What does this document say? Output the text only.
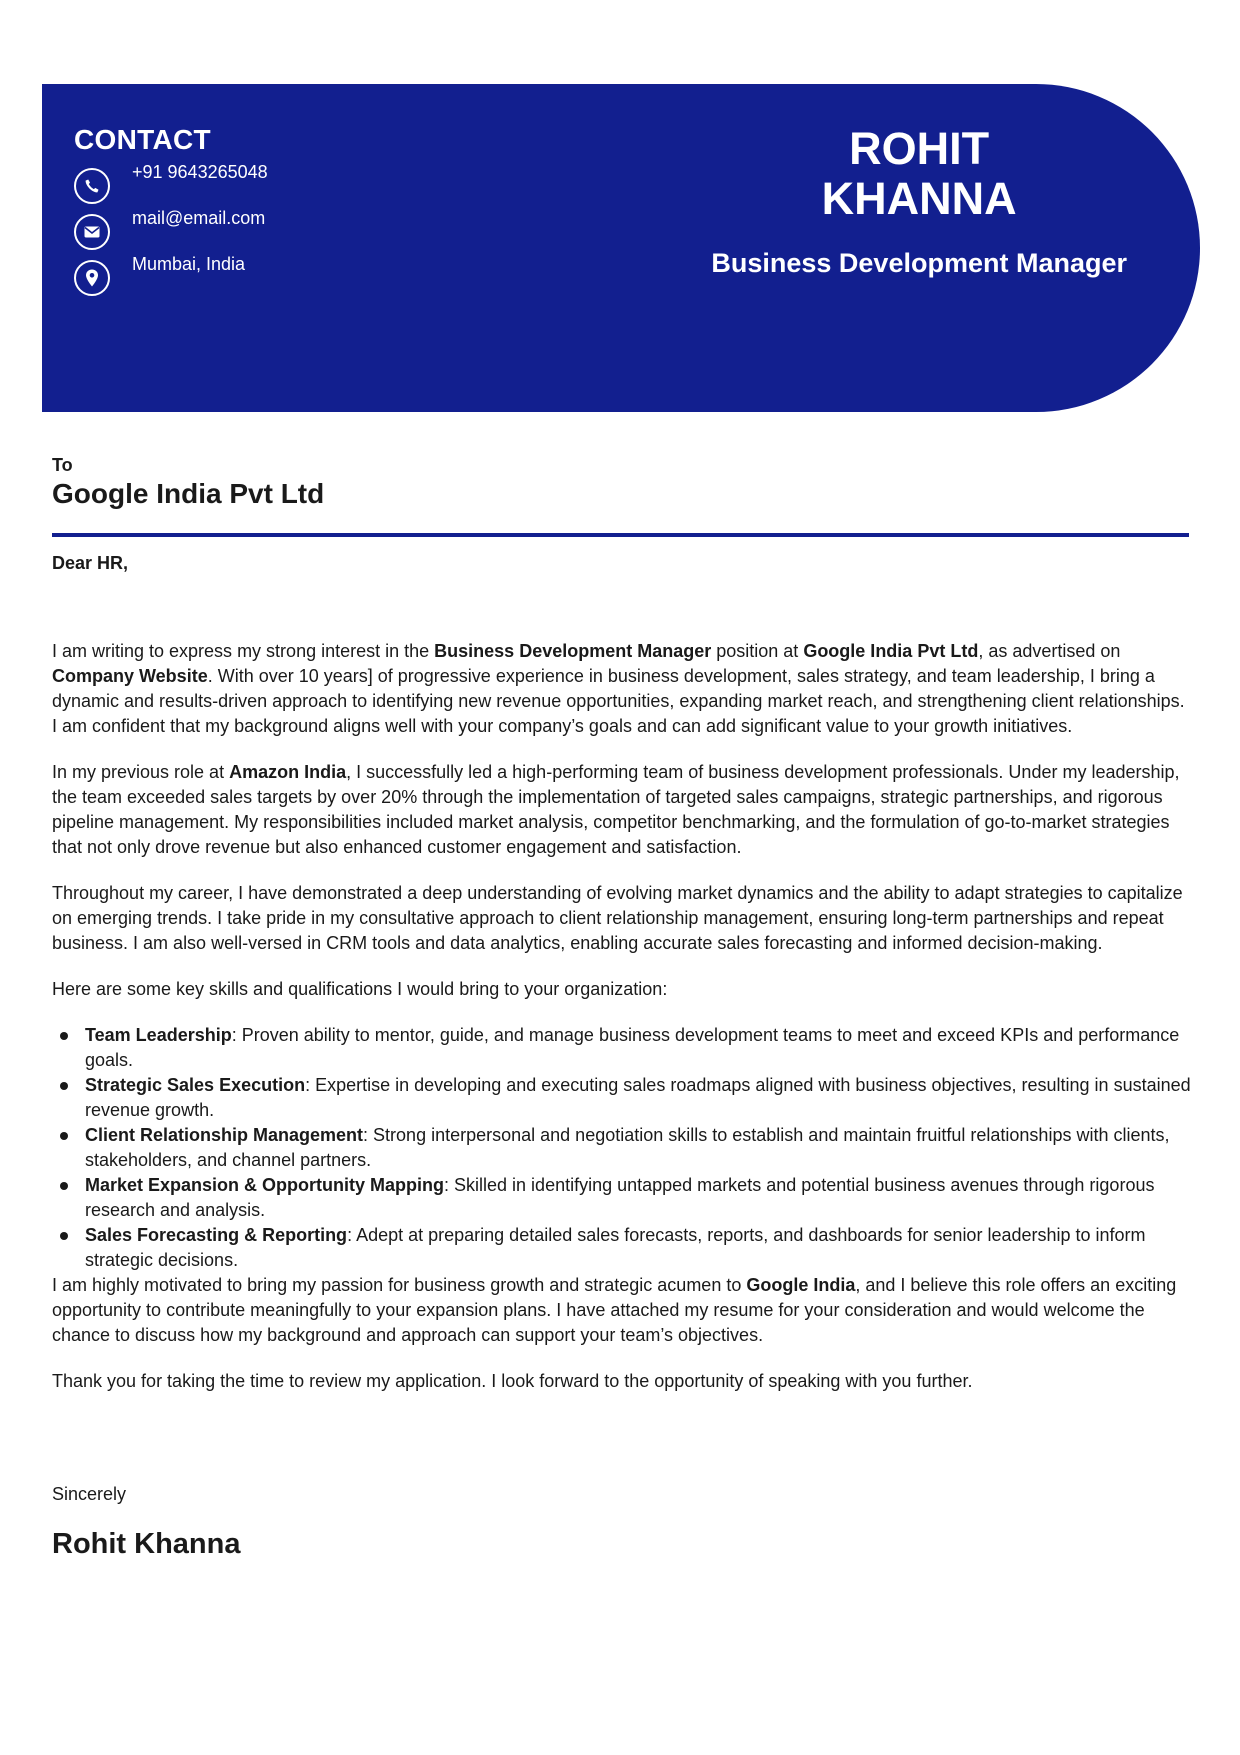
CONTACT
+91 9643265048
mail@email.com
Mumbai, India
ROHIT
KHANNA
Business Development Manager
To
Google India Pvt Ltd
Dear HR,

I am writing to express my strong interest in the Business Development Manager position at Google India Pvt Ltd, as advertised on Company Website. With over 10 years] of progressive experience in business development, sales strategy, and team leadership, I bring a dynamic and results-driven approach to identifying new revenue opportunities, expanding market reach, and strengthening client relationships. I am confident that my background aligns well with your company’s goals and can add significant value to your growth initiatives.

In my previous role at Amazon India, I successfully led a high-performing team of business development professionals. Under my leadership, the team exceeded sales targets by over 20% through the implementation of targeted sales campaigns, strategic partnerships, and rigorous pipeline management. My responsibilities included market analysis, competitor benchmarking, and the formulation of go-to-market strategies that not only drove revenue but also enhanced customer engagement and satisfaction.

Throughout my career, I have demonstrated a deep understanding of evolving market dynamics and the ability to adapt strategies to capitalize on emerging trends. I take pride in my consultative approach to client relationship management, ensuring long-term partnerships and repeat business. I am also well-versed in CRM tools and data analytics, enabling accurate sales forecasting and informed decision-making.

Here are some key skills and qualifications I would bring to your organization:

Team Leadership: Proven ability to mentor, guide, and manage business development teams to meet and exceed KPIs and performance goals.
Strategic Sales Execution: Expertise in developing and executing sales roadmaps aligned with business objectives, resulting in sustained revenue growth.
Client Relationship Management: Strong interpersonal and negotiation skills to establish and maintain fruitful relationships with clients, stakeholders, and channel partners.
Market Expansion & Opportunity Mapping: Skilled in identifying untapped markets and potential business avenues through rigorous research and analysis.
Sales Forecasting & Reporting: Adept at preparing detailed sales forecasts, reports, and dashboards for senior leadership to inform strategic decisions.

I am highly motivated to bring my passion for business growth and strategic acumen to Google India, and I believe this role offers an exciting opportunity to contribute meaningfully to your expansion plans. I have attached my resume for your consideration and would welcome the chance to discuss how my background and approach can support your team’s objectives.

Thank you for taking the time to review my application. I look forward to the opportunity of speaking with you further.

Sincerely
Rohit Khanna
